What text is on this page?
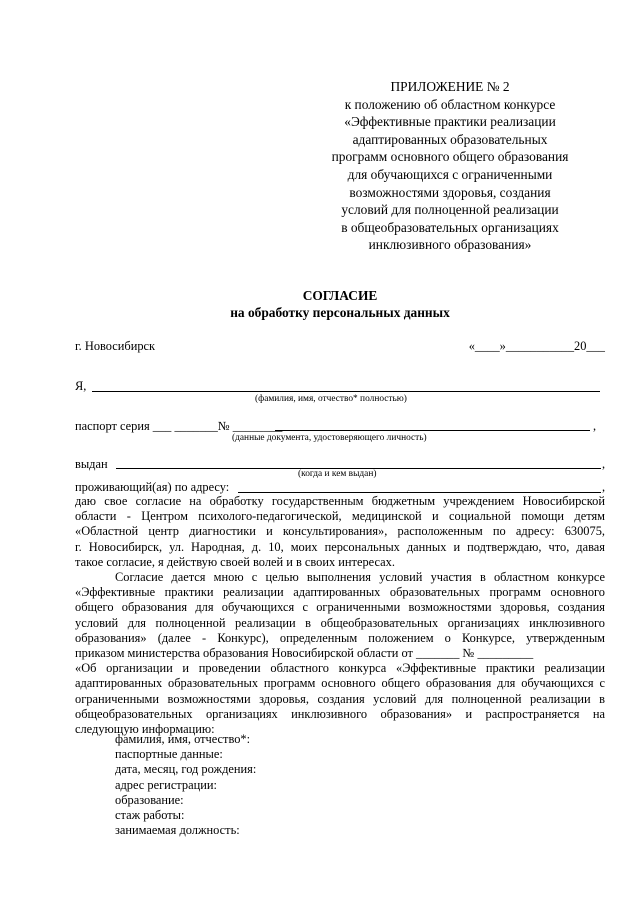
ПРИЛОЖЕНИЕ № 2
к положению об областном конкурсе
«Эффективные практики реализации
адаптированных образовательных
программ основного общего образования
для обучающихся с ограниченными
возможностями здоровья, создания
условий для полноценной реализации
в общеобразовательных организациях
инклюзивного образования»
СОГЛАСИЕ
на обработку персональных данных
г. Новосибирск	«____»___________20___
Я,
(фамилия, имя, отчество* полностью)
паспорт серия ___ _______№ ________	,
(данные документа, удостоверяющего личность)
выдан	,
(когда и кем выдан)
проживающий(ая) по адресу:	,
даю свое согласие на обработку государственным бюджетным учреждением Новосибирской
области - Центром психолого-педагогической, медицинской и социальной помощи детям
«Областной центр диагностики и консультирования», расположенным по адресу: 630075,
г. Новосибирск, ул. Народная, д. 10, моих персональных данных и подтверждаю, что, давая
такое согласие, я действую своей волей и в своих интересах.
Согласие дается мною с целью выполнения условий участия в областном конкурсе
«Эффективные практики реализации адаптированных образовательных программ основного
общего образования для обучающихся с ограниченными возможностями здоровья, создания
условий для полноценной реализации в общеобразовательных организациях инклюзивного
образования» (далее - Конкурс), определенным положением о Конкурсе, утвержденным
приказом министерства образования Новосибирской области от _______ № _________
«Об организации и проведении областного конкурса «Эффективные практики реализации
адаптированных образовательных программ основного общего образования для обучающихся с
ограниченными возможностями здоровья, создания условий для полноценной реализации в
общеобразовательных организациях инклюзивного образования» и распространяется на
следующую информацию:
фамилия, имя, отчество*:
паспортные данные:
дата, месяц, год рождения:
адрес регистрации:
образование:
стаж работы:
занимаемая должность:
